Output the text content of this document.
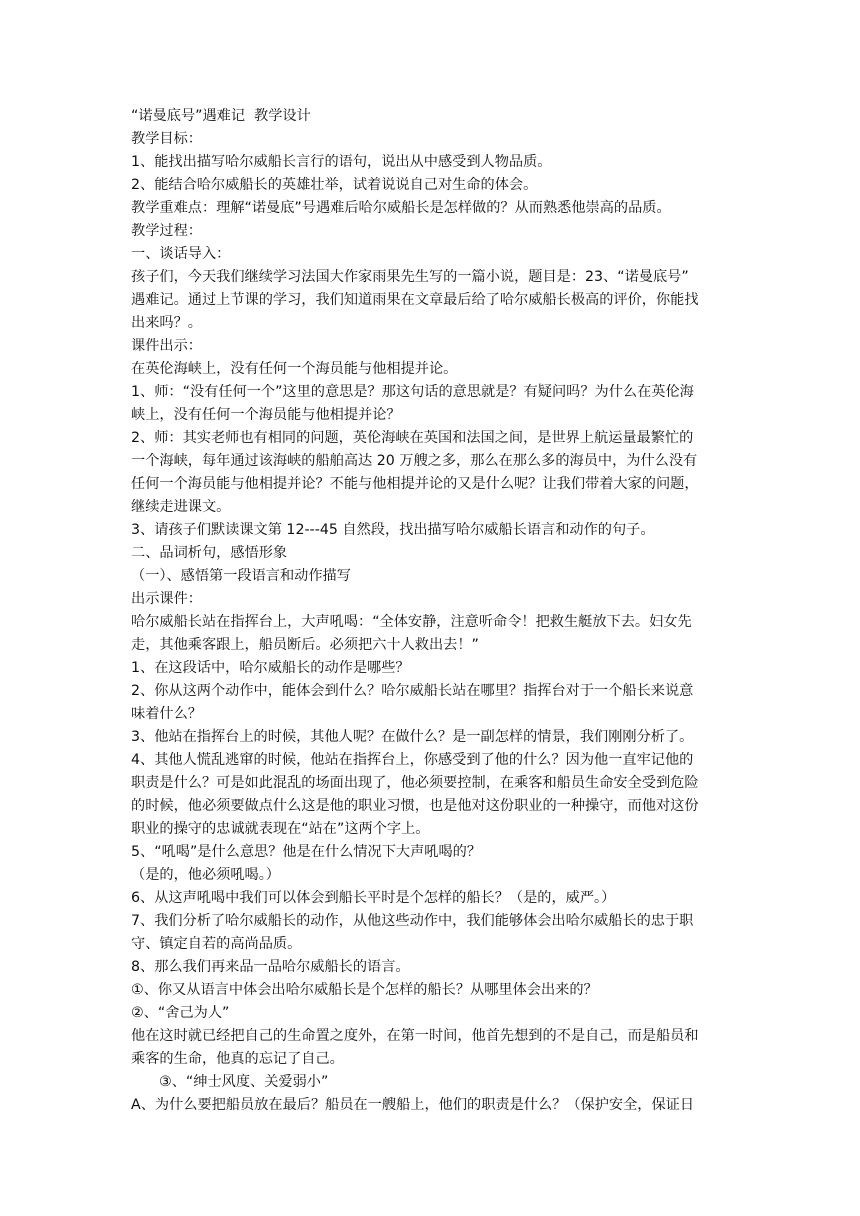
“诺曼底号”遇难记  教学设计
教学目标：
1、能找出描写哈尔威船长言行的语句，说出从中感受到人物品质。
2、能结合哈尔威船长的英雄壮举，试着说说自己对生命的体会。
教学重难点：理解“诺曼底”号遇难后哈尔威船长是怎样做的？从而熟悉他崇高的品质。
教学过程：
一、谈话导入：
孩子们，今天我们继续学习法国大作家雨果先生写的一篇小说，题目是：23、“诺曼底号”
遇难记。通过上节课的学习，我们知道雨果在文章最后给了哈尔威船长极高的评价，你能找
出来吗？。
课件出示：
在英伦海峡上，没有任何一个海员能与他相提并论。
1、师：“没有任何一个”这里的意思是？那这句话的意思就是？有疑问吗？为什么在英伦海
峡上，没有任何一个海员能与他相提并论？
2、师：其实老师也有相同的问题，英伦海峡在英国和法国之间，是世界上航运量最繁忙的
一个海峡，每年通过该海峡的船舶高达 20 万艘之多，那么在那么多的海员中，为什么没有
任何一个海员能与他相提并论？不能与他相提并论的又是什么呢？让我们带着大家的问题，
继续走进课文。
3、请孩子们默读课文第 12---45 自然段，找出描写哈尔威船长语言和动作的句子。
二、品词析句，感悟形象
（一）、感悟第一段语言和动作描写
出示课件：
哈尔威船长站在指挥台上，大声吼喝：“全体安静，注意听命令！把救生艇放下去。妇女先
走，其他乘客跟上，船员断后。必须把六十人救出去！”
1、在这段话中，哈尔威船长的动作是哪些？
2、你从这两个动作中，能体会到什么？哈尔威船长站在哪里？指挥台对于一个船长来说意
味着什么？
3、他站在指挥台上的时候，其他人呢？在做什么？是一副怎样的情景，我们刚刚分析了。
4、其他人慌乱逃窜的时候，他站在指挥台上，你感受到了他的什么？因为他一直牢记他的
职责是什么？可是如此混乱的场面出现了，他必须要控制，在乘客和船员生命安全受到危险
的时候，他必须要做点什么这是他的职业习惯，也是他对这份职业的一种操守，而他对这份
职业的操守的忠诚就表现在“站在”这两个字上。
5、“吼喝”是什么意思？他是在什么情况下大声吼喝的？
（是的，他必须吼喝。）
6、从这声吼喝中我们可以体会到船长平时是个怎样的船长？（是的，威严。）
7、我们分析了哈尔威船长的动作，从他这些动作中，我们能够体会出哈尔威船长的忠于职
守、镇定自若的高尚品质。
8、那么我们再来品一品哈尔威船长的语言。
①、你又从语言中体会出哈尔威船长是个怎样的船长？从哪里体会出来的？
②、“舍己为人”
他在这时就已经把自己的生命置之度外，在第一时间，他首先想到的不是自己，而是船员和
乘客的生命，他真的忘记了自己。
③、“绅士风度、关爱弱小”
A、为什么要把船员放在最后？船员在一艘船上，他们的职责是什么？（保护安全，保证日
